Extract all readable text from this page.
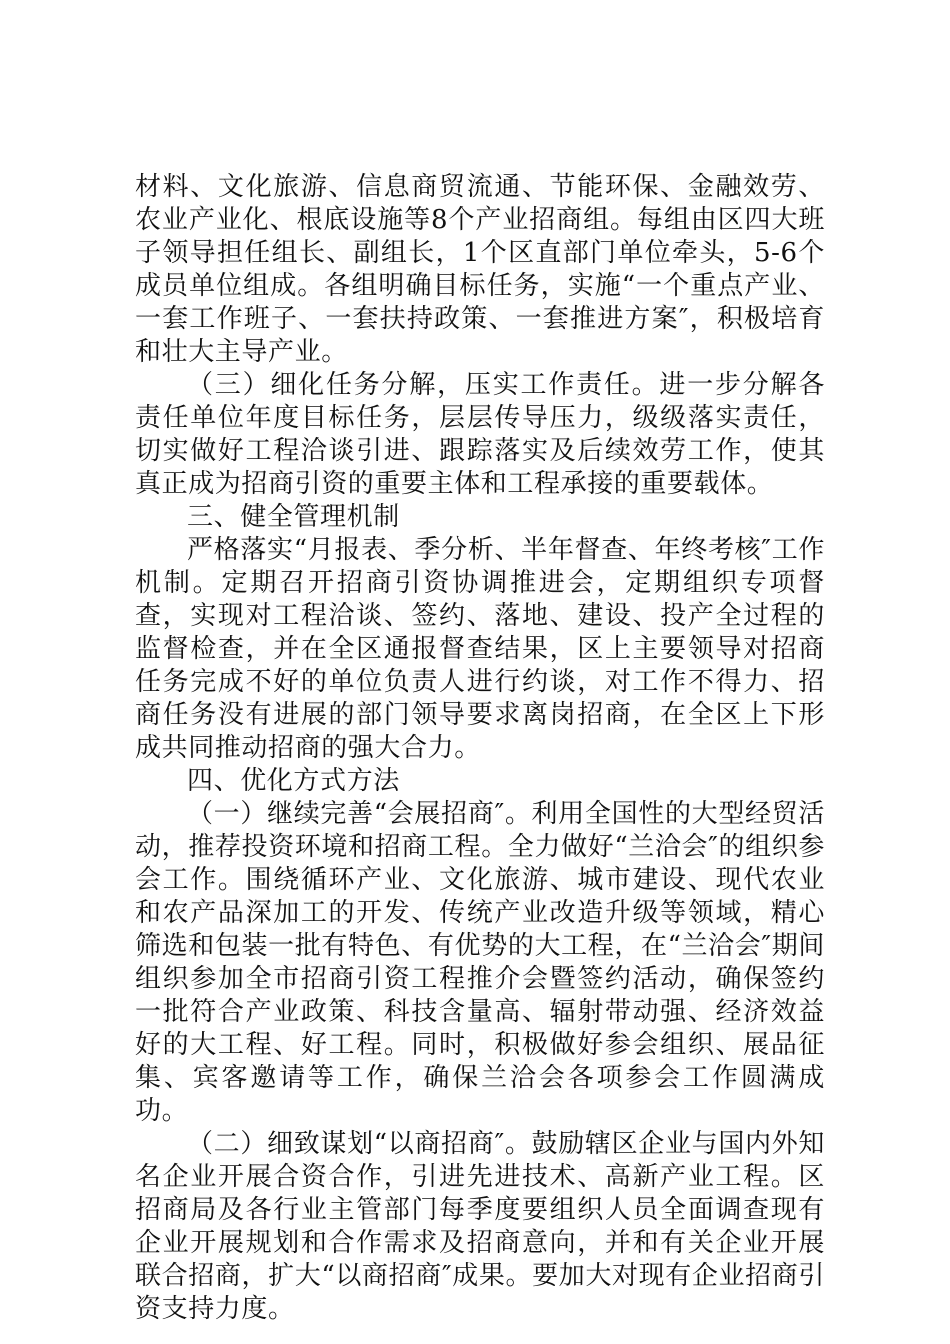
材料、文化旅游、信息商贸流通、节能环保、金融效劳、农业产业化、根底设施等8个产业招商组。每组由区四大班子领导担任组长、副组长，1个区直部门单位牵头，5-6个成员单位组成。各组明确目标任务，实施“一个重点产业、一套工作班子、一套扶持政策、一套推进方案″，积极培育和壮大主导产业。

（三）细化任务分解，压实工作责任。进一步分解各责任单位年度目标任务，层层传导压力，级级落实责任，切实做好工程洽谈引进、跟踪落实及后续效劳工作，使其真正成为招商引资的重要主体和工程承接的重要载体。

三、健全管理机制

严格落实“月报表、季分析、半年督查、年终考核″工作机制。定期召开招商引资协调推进会，定期组织专项督查，实现对工程洽谈、签约、落地、建设、投产全过程的监督检查，并在全区通报督查结果，区上主要领导对招商任务完成不好的单位负责人进行约谈，对工作不得力、招商任务没有进展的部门领导要求离岗招商，在全区上下形成共同推动招商的强大合力。

四、优化方式方法

（一）继续完善“会展招商″。利用全国性的大型经贸活动，推荐投资环境和招商工程。全力做好“兰洽会″的组织参会工作。围绕循环产业、文化旅游、城市建设、现代农业和农产品深加工的开发、传统产业改造升级等领域，精心筛选和包装一批有特色、有优势的大工程，在“兰洽会″期间组织参加全市招商引资工程推介会暨签约活动，确保签约一批符合产业政策、科技含量高、辐射带动强、经济效益好的大工程、好工程。同时，积极做好参会组织、展品征集、宾客邀请等工作，确保兰洽会各项参会工作圆满成功。

（二）细致谋划“以商招商″。鼓励辖区企业与国内外知名企业开展合资合作，引进先进技术、高新产业工程。区招商局及各行业主管部门每季度要组织人员全面调查现有企业开展规划和合作需求及招商意向，并和有关企业开展联合招商，扩大“以商招商″成果。要加大对现有企业招商引资支持力度。
